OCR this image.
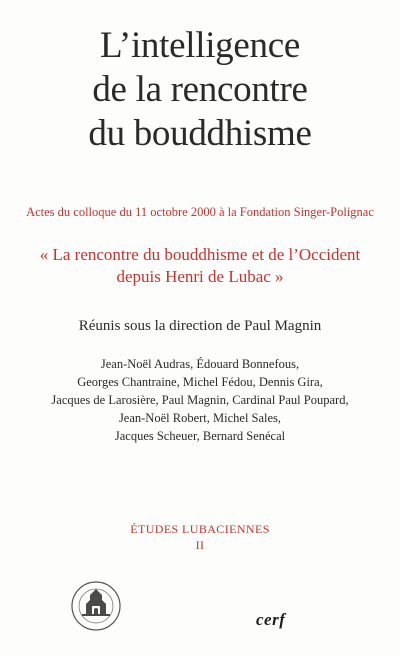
L’intelligence
de la rencontre
du bouddhisme
Actes du colloque du 11 octobre 2000 à la Fondation Singer-Polignac
« La rencontre du bouddhisme et de l’Occident
depuis Henri de Lubac »
Réunis sous la direction de Paul Magnin
Jean-Noël Audras, Édouard Bonnefous,
Georges Chantraine, Michel Fédou, Dennis Gira,
Jacques de Larosière, Paul Magnin, Cardinal Paul Poupard,
Jean-Noël Robert, Michel Sales,
Jacques Scheuer, Bernard Senécal
ÉTUDES LUBACIENNES
II
cerf
